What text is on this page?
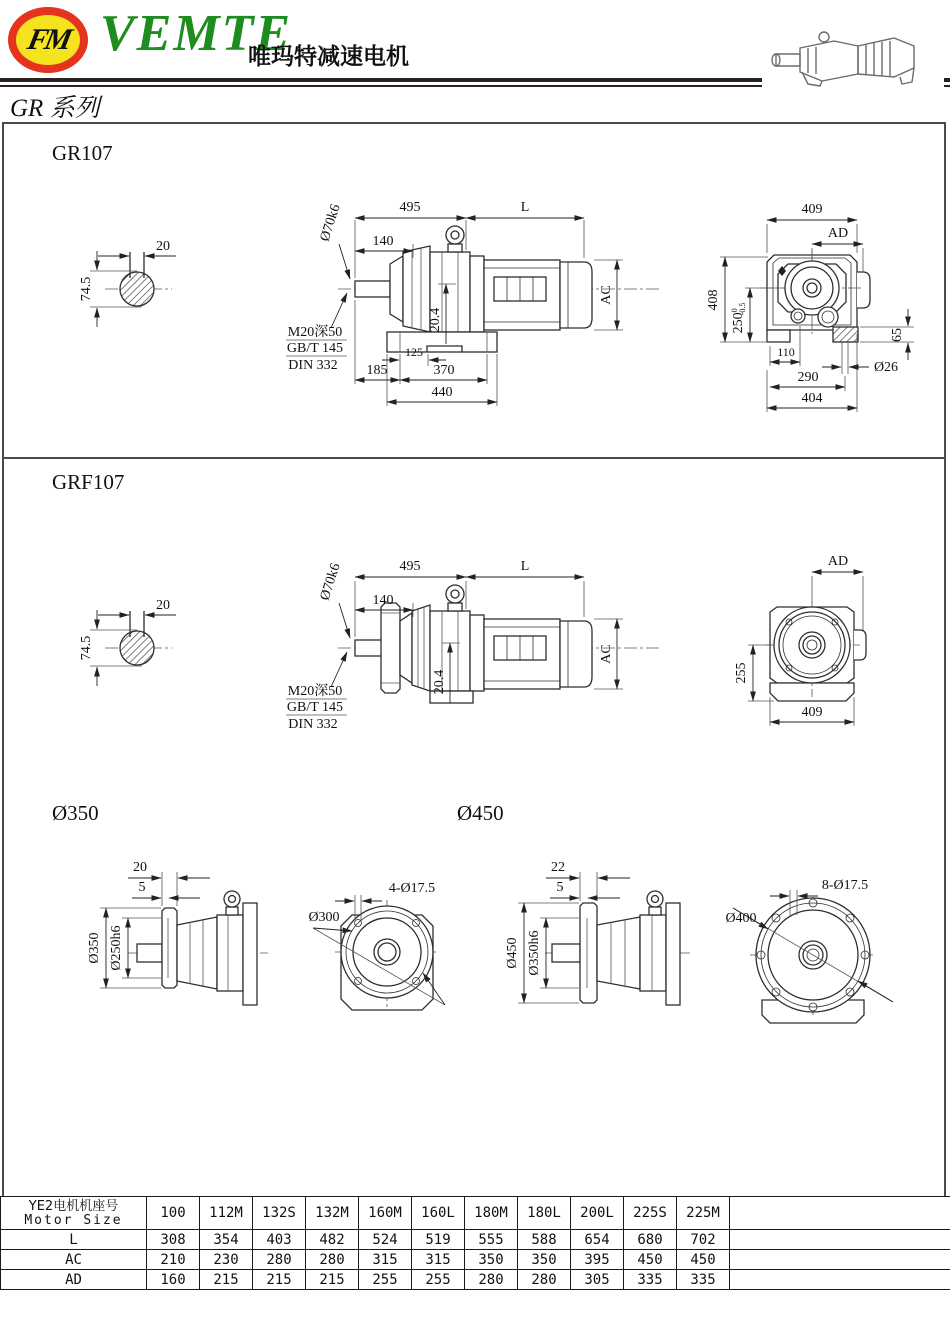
FM VEMTE
唯玛特减速电机
GR 系列
GR107
GRF107
Ø350	Ø450
20
74.5
495	L
140
Ø70k6
20.4
AC
M20深50
GB/T 145
DIN 332
125
185	370
440
409
AD
408
$250^0-0.5$
110
290
404
65
Ø26
20
74.5
495	L
140
Ø70k6
20.4
AC
M20深50
GB/T 145
DIN 332
AD
255
409
20
5
Ø350 Ø250h6
4-Ø17.5
Ø300
22
5
Ø450 Ø350h6
8-Ø17.5
Ø400
YE2电机机座号
Motor Size	100	112M	132S	132M	160M	160L	180M	180L	200L	225S	225M	
L	308	354	403	482	524	519	555	588	654	680	702	
AC	210	230	280	280	315	315	350	350	395	450	450	
AD	160	215	215	215	255	255	280	280	305	335	335	
